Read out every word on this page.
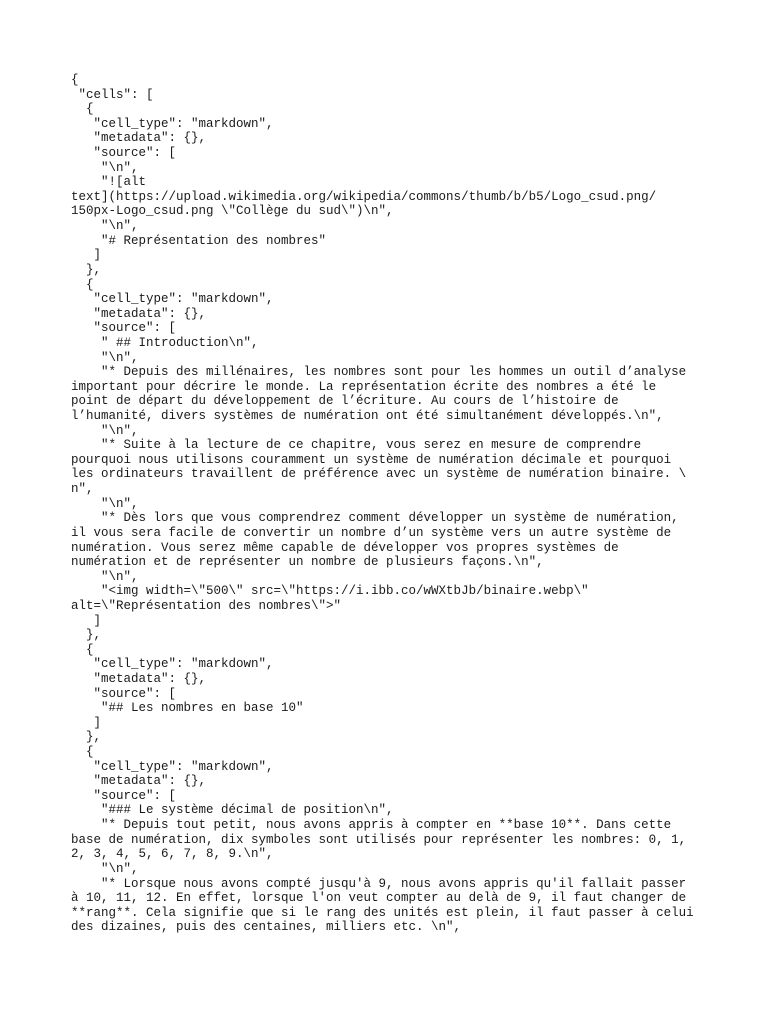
{
"cells": [
{
"cell_type": "markdown",
"metadata": {},
"source": [
"\n",
"![alt
text](https://upload.wikimedia.org/wikipedia/commons/thumb/b/b5/Logo_csud.png/
150px-Logo_csud.png \"Collège du sud\")\n",
"\n",
"# Représentation des nombres"
]
},
{
"cell_type": "markdown",
"metadata": {},
"source": [
" ## Introduction\n",
"\n",
"* Depuis des millénaires, les nombres sont pour les hommes un outil d’analyse
important pour décrire le monde. La représentation écrite des nombres a été le
point de départ du développement de l’écriture. Au cours de l’histoire de
l’humanité, divers systèmes de numération ont été simultanément développés.\n",
"\n",
"* Suite à la lecture de ce chapitre, vous serez en mesure de comprendre
pourquoi nous utilisons couramment un système de numération décimale et pourquoi
les ordinateurs travaillent de préférence avec un système de numération binaire. \
n",
"\n",
"* Dès lors que vous comprendrez comment développer un système de numération,
il vous sera facile de convertir un nombre d’un système vers un autre système de
numération. Vous serez même capable de développer vos propres systèmes de
numération et de représenter un nombre de plusieurs façons.\n",
"\n",
"<img width=\"500\" src=\"https://i.ibb.co/wWXtbJb/binaire.webp\"
alt=\"Représentation des nombres\">"
]
},
{
"cell_type": "markdown",
"metadata": {},
"source": [
"## Les nombres en base 10"
]
},
{
"cell_type": "markdown",
"metadata": {},
"source": [
"### Le système décimal de position\n",
"* Depuis tout petit, nous avons appris à compter en **base 10**. Dans cette
base de numération, dix symboles sont utilisés pour représenter les nombres: 0, 1,
2, 3, 4, 5, 6, 7, 8, 9.\n",
"\n",
"* Lorsque nous avons compté jusqu'à 9, nous avons appris qu'il fallait passer
à 10, 11, 12. En effet, lorsque l'on veut compter au delà de 9, il faut changer de
**rang**. Cela signifie que si le rang des unités est plein, il faut passer à celui
des dizaines, puis des centaines, milliers etc. \n",
